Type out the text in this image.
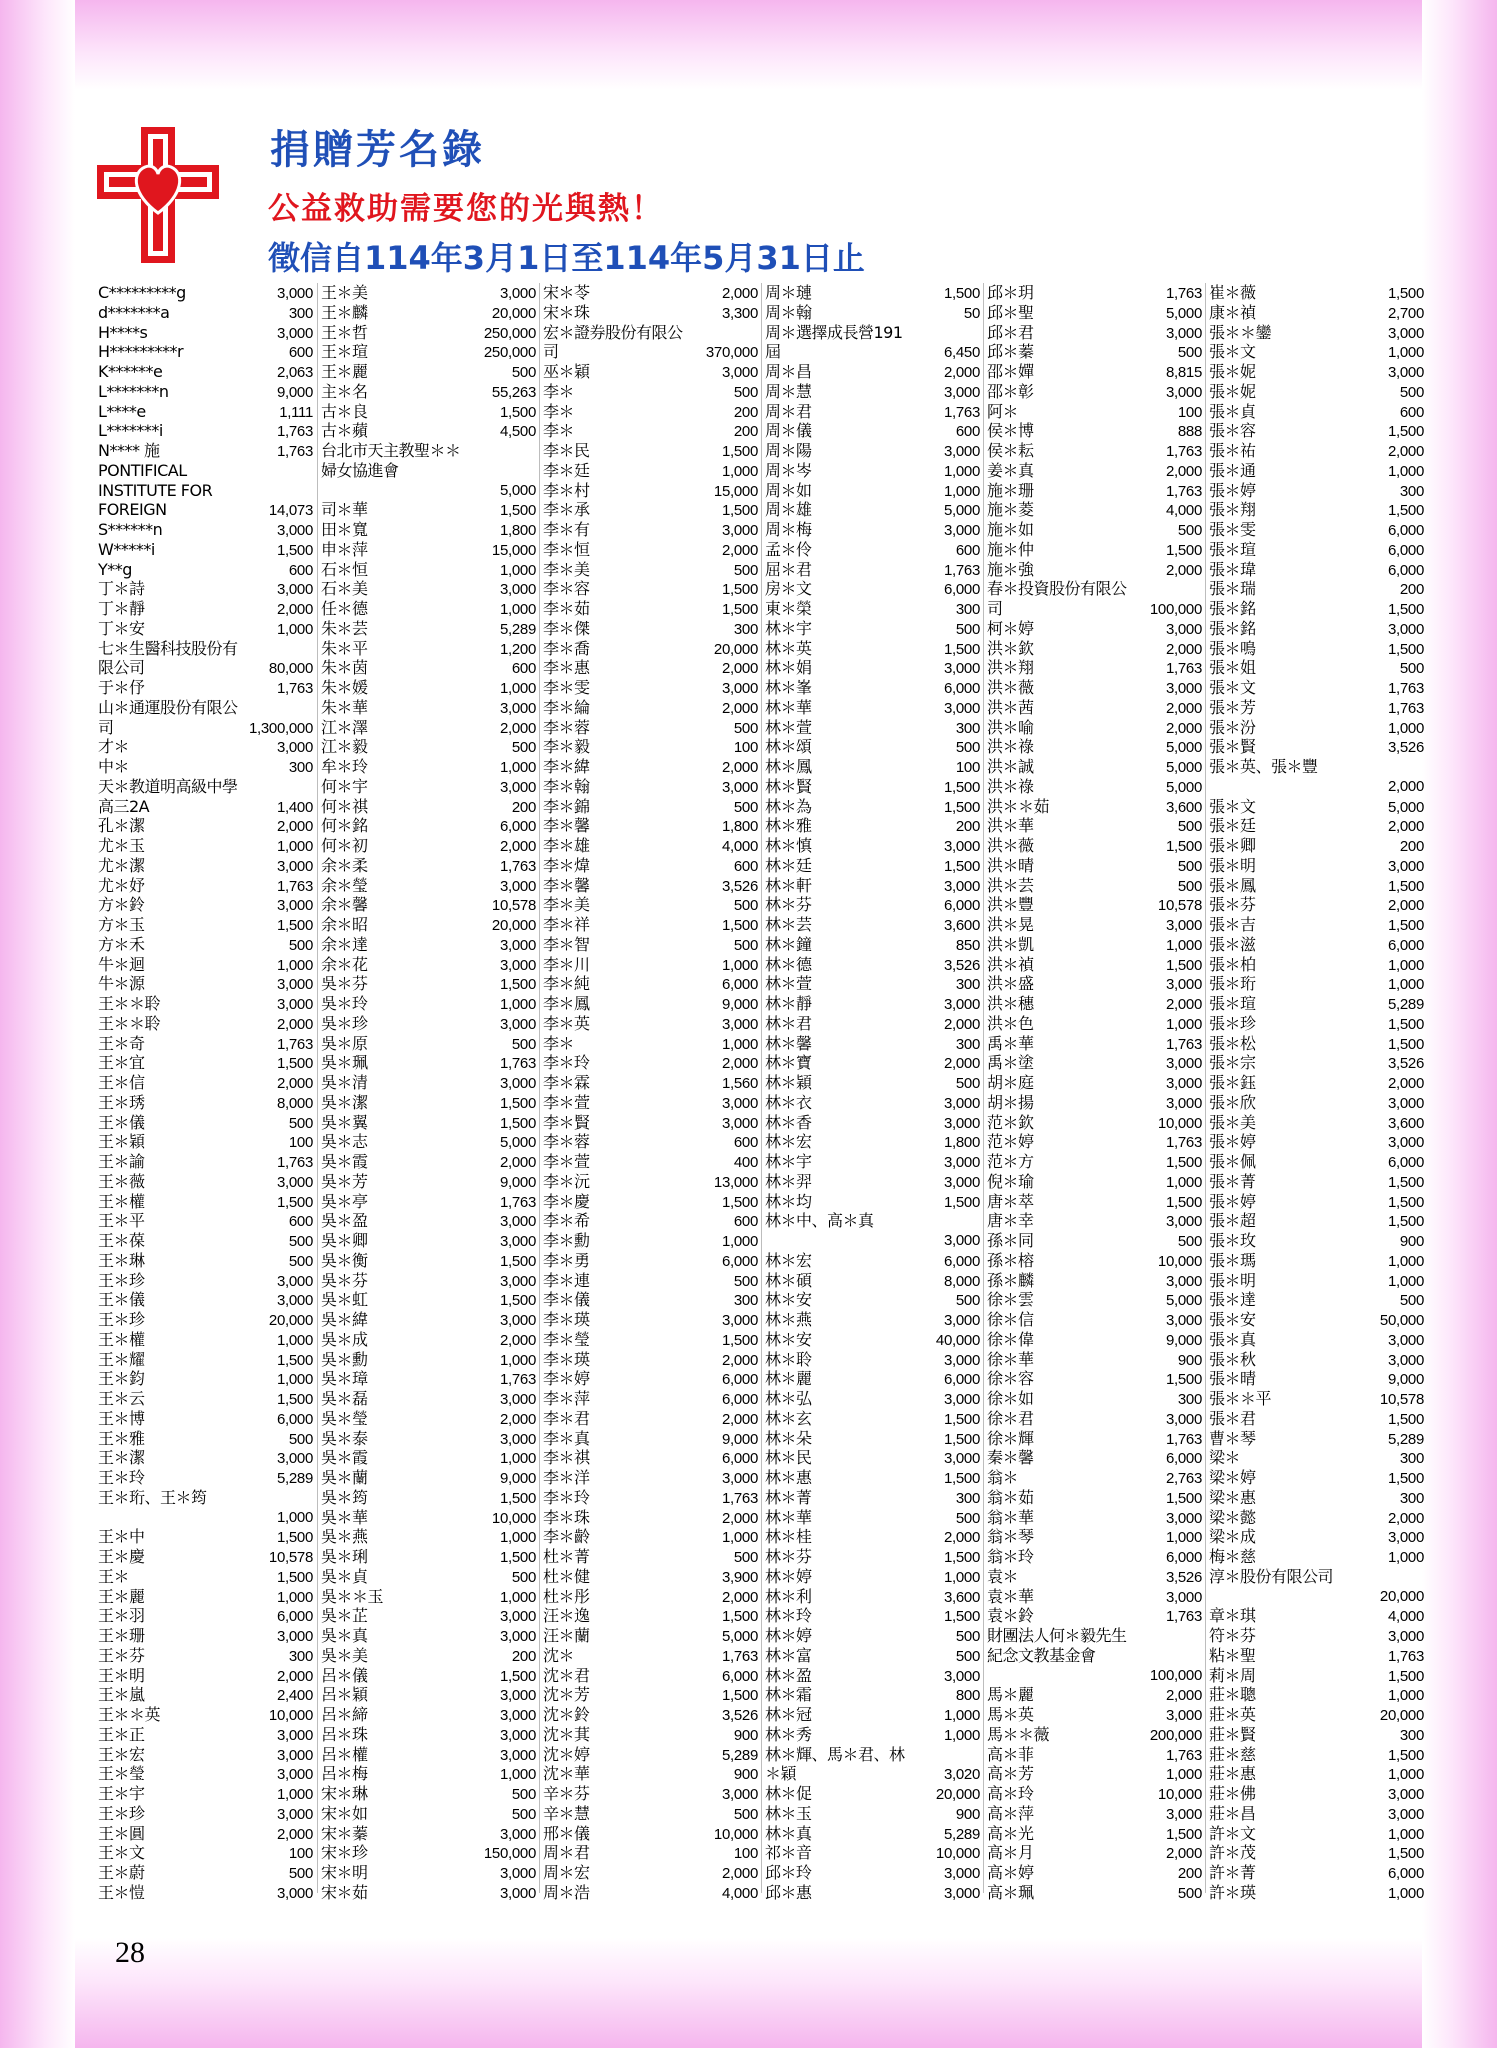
捐贈芳名錄
公益救助需要您的光與熱！
徵信自114年3月1日至114年5月31日止
C*********g	3,000
d*******a	300
H****s	3,000
H*********r	600
K******e	2,063
L*******n	9,000
L****e	1,111
L*******i	1,763
N**** 施	1,763
PONTIFICAL
INSTITUTE FOR
FOREIGN	14,073
S******n	3,000
W*****i	1,500
Y**g	600
丁＊詩	3,000
丁＊靜	2,000
丁＊安	1,000
七＊生醫科技股份有
限公司	80,000
于＊伃	1,763
山＊通運股份有限公
司	1,300,000
才＊	3,000
中＊	300
天＊教道明高級中學
高三2A	1,400
孔＊潔	2,000
尤＊玉	1,000
尤＊潔	3,000
尤＊妤	1,763
方＊鈴	3,000
方＊玉	1,500
方＊禾	500
牛＊迴	1,000
牛＊源	3,000
王＊＊聆	3,000
王＊＊聆	2,000
王＊奇	1,763
王＊宜	1,500
王＊信	2,000
王＊琇	8,000
王＊儀	500
王＊穎	100
王＊諭	1,763
王＊薇	3,000
王＊權	1,500
王＊平	600
王＊葆	500
王＊琳	500
王＊珍	3,000
王＊儀	3,000
王＊珍	20,000
王＊權	1,000
王＊耀	1,500
王＊鈞	1,000
王＊云	1,500
王＊博	6,000
王＊雅	500
王＊潔	3,000
王＊玲	5,289
王＊珩、王＊筠
1,000
王＊中	1,500
王＊慶	10,578
王＊	1,500
王＊麗	1,000
王＊羽	6,000
王＊珊	3,000
王＊芬	300
王＊明	2,000
王＊嵐	2,400
王＊＊英	10,000
王＊正	3,000
王＊宏	3,000
王＊瑩	3,000
王＊宇	1,000
王＊珍	3,000
王＊圓	2,000
王＊文	100
王＊蔚	500
王＊愷	3,000
王＊美	3,000
王＊麟	20,000
王＊哲	250,000
王＊瑄	250,000
王＊麗	500
主＊名	55,263
古＊良	1,500
古＊蘋	4,500
台北市天主教聖＊＊
婦女協進會
5,000
司＊華	1,500
田＊寬	1,800
申＊萍	15,000
石＊恒	1,000
石＊美	3,000
任＊德	1,000
朱＊芸	5,289
朱＊平	1,200
朱＊茵	600
朱＊媛	1,000
朱＊華	3,000
江＊澤	2,000
江＊毅	500
牟＊玲	1,000
何＊宇	3,000
何＊祺	200
何＊銘	6,000
何＊初	2,000
余＊柔	1,763
余＊瑩	3,000
余＊馨	10,578
余＊昭	20,000
余＊達	3,000
余＊花	3,000
吳＊芬	1,500
吳＊玲	1,000
吳＊珍	3,000
吳＊原	500
吳＊珮	1,763
吳＊清	3,000
吳＊潔	1,500
吳＊翼	1,500
吳＊志	5,000
吳＊霞	2,000
吳＊芳	9,000
吳＊亭	1,763
吳＊盈	3,000
吳＊卿	3,000
吳＊衡	1,500
吳＊芬	3,000
吳＊虹	1,500
吳＊緯	3,000
吳＊成	2,000
吳＊勳	1,000
吳＊璋	1,763
吳＊磊	3,000
吳＊瑩	2,000
吳＊泰	3,000
吳＊霞	1,000
吳＊蘭	9,000
吳＊筠	1,500
吳＊華	10,000
吳＊燕	1,000
吳＊琍	1,500
吳＊貞	500
吳＊＊玉	1,000
吳＊芷	3,000
吳＊真	3,000
吳＊美	200
呂＊儀	1,500
呂＊穎	3,000
呂＊締	3,000
呂＊珠	3,000
呂＊權	3,000
呂＊梅	1,000
宋＊琳	500
宋＊如	500
宋＊蓁	3,000
宋＊珍	150,000
宋＊明	3,000
宋＊茹	3,000
宋＊苓	2,000
宋＊珠	3,300
宏＊證券股份有限公
司	370,000
巫＊穎	3,000
李＊	500
李＊	200
李＊	200
李＊民	1,500
李＊廷	1,000
李＊村	15,000
李＊承	1,500
李＊有	3,000
李＊恒	2,000
李＊美	500
李＊容	1,500
李＊茹	1,500
李＊傑	300
李＊喬	20,000
李＊惠	2,000
李＊雯	3,000
李＊綸	2,000
李＊蓉	500
李＊毅	100
李＊緯	2,000
李＊翰	3,000
李＊錦	500
李＊馨	1,800
李＊雄	4,000
李＊煒	600
李＊馨	3,526
李＊美	500
李＊祥	1,500
李＊智	500
李＊川	1,000
李＊純	6,000
李＊鳳	9,000
李＊英	3,000
李＊	1,000
李＊玲	2,000
李＊霖	1,560
李＊萱	3,000
李＊賢	3,000
李＊蓉	600
李＊萱	400
李＊沅	13,000
李＊慶	1,500
李＊希	600
李＊勳	1,000
李＊勇	6,000
李＊連	500
李＊儀	300
李＊瑛	3,000
李＊瑩	1,500
李＊瑛	2,000
李＊婷	6,000
李＊萍	6,000
李＊君	2,000
李＊真	9,000
李＊祺	6,000
李＊洋	3,000
李＊玲	1,763
李＊珠	2,000
李＊齡	1,000
杜＊菁	500
杜＊健	3,900
杜＊彤	2,000
汪＊逸	1,500
汪＊蘭	5,000
沈＊	1,763
沈＊君	6,000
沈＊芳	1,500
沈＊鈴	3,526
沈＊萁	900
沈＊婷	5,289
沈＊華	900
辛＊芬	3,000
辛＊慧	500
邢＊儀	10,000
周＊君	100
周＊宏	2,000
周＊浩	4,000
周＊璉	1,500
周＊翰	50
周＊選擇成長營191
屆	6,450
周＊昌	2,000
周＊慧	3,000
周＊君	1,763
周＊儀	600
周＊陽	3,000
周＊岑	1,000
周＊如	1,000
周＊雄	5,000
周＊梅	3,000
孟＊伶	600
屈＊君	1,763
房＊文	6,000
東＊榮	300
林＊宇	500
林＊英	1,500
林＊娟	3,000
林＊峯	6,000
林＊華	3,000
林＊萱	300
林＊頌	500
林＊鳳	100
林＊賢	1,500
林＊為	1,500
林＊雅	200
林＊慎	3,000
林＊廷	1,500
林＊軒	3,000
林＊芬	6,000
林＊芸	3,600
林＊鐘	850
林＊德	3,526
林＊萱	300
林＊靜	3,000
林＊君	2,000
林＊馨	300
林＊寶	2,000
林＊穎	500
林＊衣	3,000
林＊香	3,000
林＊宏	1,800
林＊宇	3,000
林＊羿	3,000
林＊均	1,500
林＊中、高＊真
3,000
林＊宏	6,000
林＊碩	8,000
林＊安	500
林＊燕	3,000
林＊安	40,000
林＊聆	3,000
林＊麗	6,000
林＊弘	3,000
林＊玄	1,500
林＊朵	1,500
林＊民	3,000
林＊惠	1,500
林＊菁	300
林＊華	500
林＊桂	2,000
林＊芬	1,500
林＊婷	1,000
林＊利	3,600
林＊玲	1,500
林＊婷	500
林＊富	500
林＊盈	3,000
林＊霜	800
林＊冠	1,000
林＊秀	1,000
林＊輝、馬＊君、林
＊穎	3,020
林＊促	20,000
林＊玉	900
林＊真	5,289
祁＊音	10,000
邱＊玲	3,000
邱＊惠	3,000
邱＊玥	1,763
邱＊聖	5,000
邱＊君	3,000
邱＊蓁	500
邵＊嬋	8,815
邵＊彰	3,000
阿＊	100
侯＊博	888
侯＊耘	1,763
姜＊真	2,000
施＊珊	1,763
施＊菱	4,000
施＊如	500
施＊仲	1,500
施＊強	2,000
春＊投資股份有限公
司	100,000
柯＊婷	3,000
洪＊欽	2,000
洪＊翔	1,763
洪＊薇	3,000
洪＊茜	2,000
洪＊喻	2,000
洪＊祿	5,000
洪＊誠	5,000
洪＊祿	5,000
洪＊＊茹	3,600
洪＊華	500
洪＊薇	1,500
洪＊晴	500
洪＊芸	500
洪＊豐	10,578
洪＊晃	3,000
洪＊凱	1,000
洪＊禎	1,500
洪＊盛	3,000
洪＊穗	2,000
洪＊色	1,000
禹＊華	1,763
禹＊塗	3,000
胡＊庭	3,000
胡＊揚	3,000
范＊欽	10,000
范＊婷	1,763
范＊方	1,500
倪＊瑜	1,000
唐＊萃	1,500
唐＊幸	3,000
孫＊同	500
孫＊榕	10,000
孫＊麟	3,000
徐＊雲	5,000
徐＊信	3,000
徐＊偉	9,000
徐＊華	900
徐＊容	1,500
徐＊如	300
徐＊君	3,000
徐＊輝	1,763
秦＊馨	6,000
翁＊	2,763
翁＊茹	1,500
翁＊華	3,000
翁＊琴	1,000
翁＊玲	6,000
袁＊	3,526
袁＊華	3,000
袁＊鈴	1,763
財團法人何＊毅先生
紀念文教基金會
100,000
馬＊麗	2,000
馬＊英	3,000
馬＊＊薇	200,000
高＊菲	1,763
高＊芳	1,000
高＊玲	10,000
高＊萍	3,000
高＊光	1,500
高＊月	2,000
高＊婷	200
高＊珮	500
崔＊薇	1,500
康＊禎	2,700
張＊＊鑾	3,000
張＊文	1,000
張＊妮	3,000
張＊妮	500
張＊貞	600
張＊容	1,500
張＊祐	2,000
張＊通	1,000
張＊婷	300
張＊翔	1,500
張＊雯	6,000
張＊瑄	6,000
張＊瑋	6,000
張＊瑞	200
張＊銘	1,500
張＊銘	3,000
張＊鳴	1,500
張＊姐	500
張＊文	1,763
張＊芳	1,763
張＊汾	1,000
張＊賢	3,526
張＊英、張＊豐
2,000
張＊文	5,000
張＊廷	2,000
張＊卿	200
張＊明	3,000
張＊鳳	1,500
張＊芬	2,000
張＊吉	1,500
張＊滋	6,000
張＊柏	1,000
張＊珩	1,000
張＊瑄	5,289
張＊珍	1,500
張＊松	1,500
張＊宗	3,526
張＊鈺	2,000
張＊欣	3,000
張＊美	3,600
張＊婷	3,000
張＊佩	6,000
張＊菁	1,500
張＊婷	1,500
張＊超	1,500
張＊玫	900
張＊瑪	1,000
張＊明	1,000
張＊達	500
張＊安	50,000
張＊真	3,000
張＊秋	3,000
張＊晴	9,000
張＊＊平	10,578
張＊君	1,500
曹＊琴	5,289
梁＊	300
梁＊婷	1,500
梁＊惠	300
梁＊懿	2,000
梁＊成	3,000
梅＊慈	1,000
淳＊股份有限公司
20,000
章＊琪	4,000
符＊芬	3,000
粘＊聖	1,763
莉＊周	1,500
莊＊聰	1,000
莊＊英	20,000
莊＊賢	300
莊＊慈	1,500
莊＊惠	1,000
莊＊佛	3,000
莊＊昌	3,000
許＊文	1,000
許＊茂	1,500
許＊菁	6,000
許＊瑛	1,000
28
